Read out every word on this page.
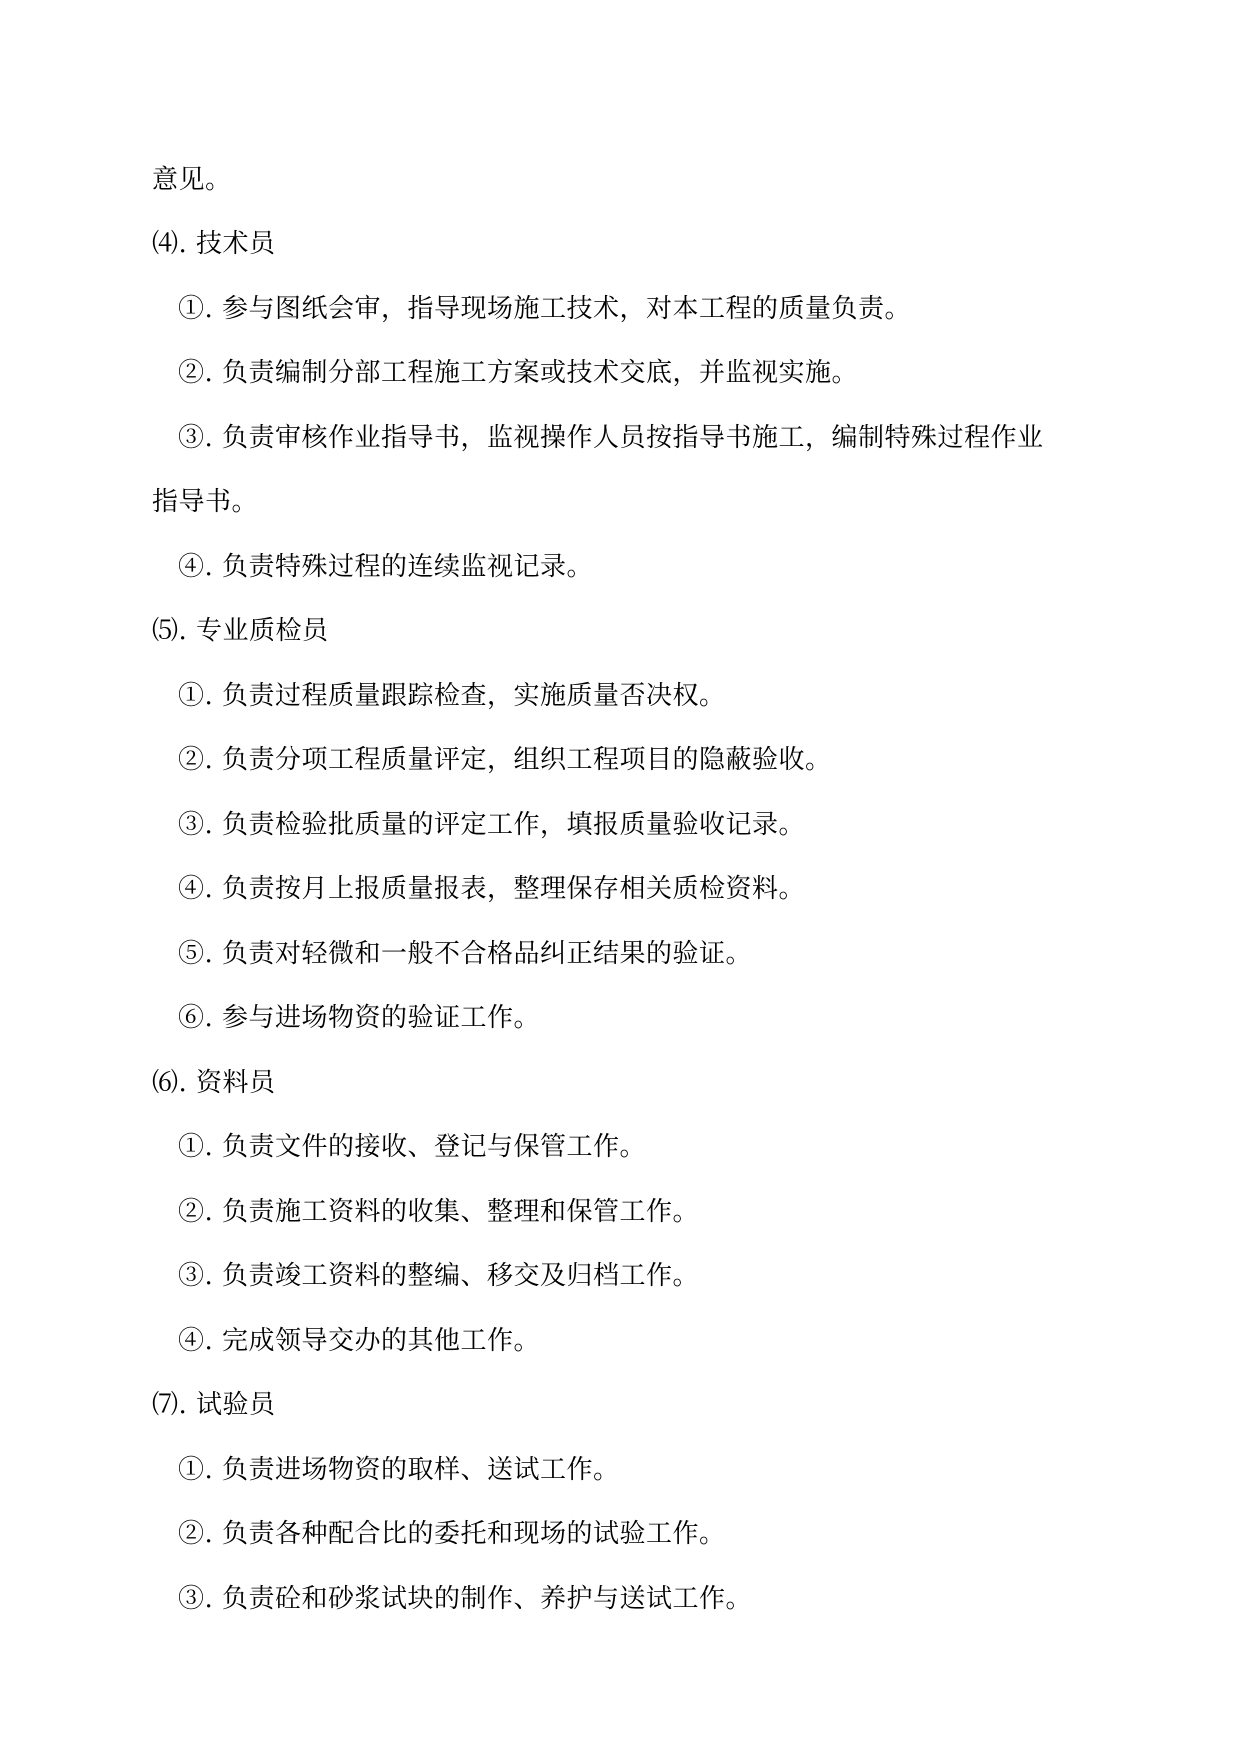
意见。
⑷. 技术员
①. 参与图纸会审，指导现场施工技术，对本工程的质量负责。
②. 负责编制分部工程施工方案或技术交底，并监视实施。
③. 负责审核作业指导书，监视操作人员按指导书施工，编制特殊过程作业
指导书。
④. 负责特殊过程的连续监视记录。
⑸. 专业质检员
①. 负责过程质量跟踪检查，实施质量否决权。
②. 负责分项工程质量评定，组织工程项目的隐蔽验收。
③. 负责检验批质量的评定工作，填报质量验收记录。
④. 负责按月上报质量报表，整理保存相关质检资料。
⑤. 负责对轻微和一般不合格品纠正结果的验证。
⑥. 参与进场物资的验证工作。
⑹. 资料员
①. 负责文件的接收、登记与保管工作。
②. 负责施工资料的收集、整理和保管工作。
③. 负责竣工资料的整编、移交及归档工作。
④. 完成领导交办的其他工作。
⑺. 试验员
①. 负责进场物资的取样、送试工作。
②. 负责各种配合比的委托和现场的试验工作。
③. 负责砼和砂浆试块的制作、养护与送试工作。
